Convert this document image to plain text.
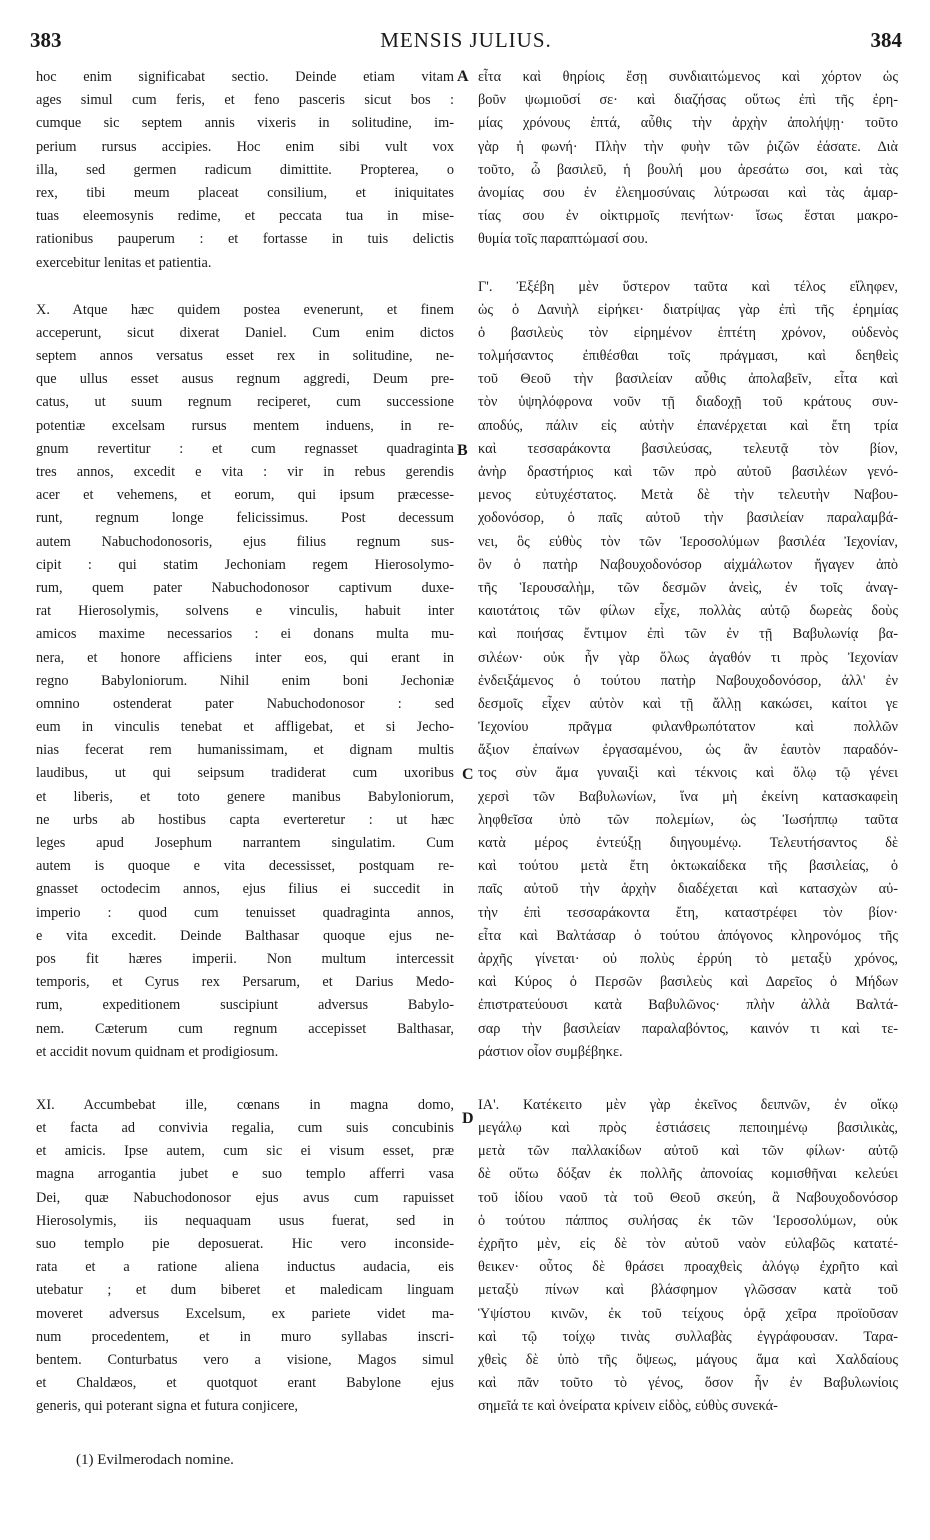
383	MENSIS JULIUS.	384
A
B
C
D
hoc enim significabat sectio. Deinde etiam vitam
ages simul cum feris, et feno pasceris sicut bos :
cumque sic septem annis vixeris in solitudine, im-
perium rursus accipies. Hoc enim sibi vult vox
illa, sed germen radicum dimittite. Propterea, o
rex, tibi meum placeat consilium, et iniquitates
tuas eleemosynis redime, et peccata tua in mise-
rationibus pauperum : et fortasse in tuis delictis
exercebitur lenitas et patientia.
X. Atque hæc quidem postea evenerunt, et finem
acceperunt, sicut dixerat Daniel. Cum enim dictos
septem annos versatus esset rex in solitudine, ne-
que ullus esset ausus regnum aggredi, Deum pre-
catus, ut suum regnum reciperet, cum successione
potentiæ excelsam rursus mentem induens, in re-
gnum revertitur : et cum regnasset quadraginta
tres annos, excedit e vita : vir in rebus gerendis
acer et vehemens, et eorum, qui ipsum præcesse-
runt, regnum longe felicissimus. Post decessum
autem Nabuchodonosoris, ejus filius regnum sus-
cipit : qui statim Jechoniam regem Hierosolymo-
rum, quem pater Nabuchodonosor captivum duxe-
rat Hierosolymis, solvens e vinculis, habuit inter
amicos maxime necessarios : ei donans multa mu-
nera, et honore afficiens inter eos, qui erant in
regno Babyloniorum. Nihil enim boni Jechoniæ
omnino ostenderat pater Nabuchodonosor : sed
eum in vinculis tenebat et affligebat, et si Jecho-
nias fecerat rem humanissimam, et dignam multis
laudibus, ut qui seipsum tradiderat cum uxoribus
et liberis, et toto genere manibus Babyloniorum,
ne urbs ab hostibus capta everteretur : ut hæc
leges apud Josephum narrantem singulatim. Cum
autem is quoque e vita decessisset, postquam re-
gnasset octodecim annos, ejus filius ei succedit in
imperio : quod cum tenuisset quadraginta annos,
e vita excedit. Deinde Balthasar quoque ejus ne-
pos fit hæres imperii. Non multum intercessit
temporis, et Cyrus rex Persarum, et Darius Medo-
rum, expeditionem suscipiunt adversus Babylo-
nem. Cæterum cum regnum accepisset Balthasar,
et accidit novum quidnam et prodigiosum.
XI. Accumbebat ille, cœnans in magna domo,
et facta ad convivia regalia, cum suis concubinis
et amicis. Ipse autem, cum sic ei visum esset, præ
magna arrogantia jubet e suo templo afferri vasa
Dei, quæ Nabuchodonosor ejus avus cum rapuisset
Hierosolymis, iis nequaquam usus fuerat, sed in
suo templo pie deposuerat. Hic vero inconside-
rata et a ratione aliena inductus audacia, eis
utebatur ; et dum biberet et maledicam linguam
moveret adversus Excelsum, ex pariete videt ma-
num procedentem, et in muro syllabas inscri-
bentem. Conturbatus vero a visione, Magos simul
et Chaldæos, et quotquot erant Babylone ejus
generis, qui poterant signa et futura conjicere,
εἶτα καὶ θηρίοις ἔσῃ συνδιαιτώμενος καὶ χόρτον ὡς
βοῦν ψωμιοῦσί σε· καὶ διαζήσας οὕτως ἐπὶ τῆς ἐρη-
μίας χρόνους ἑπτά, αὖθις τὴν ἀρχὴν ἀπολήψῃ· τοῦτο
γὰρ ἡ φωνή· Πλὴν τὴν φυὴν τῶν ῥιζῶν ἐάσατε. Διὰ
τοῦτο, ὦ βασιλεῦ, ἡ βουλή μου ἀρεσάτω σοι, καὶ τὰς
ἀνομίας σου ἐν ἐλεημοσύναις λύτρωσαι καὶ τὰς ἁμαρ-
τίας σου ἐν οἰκτιρμοῖς πενήτων· ἴσως ἔσται μακρο-
θυμία τοῖς παραπτώμασί σου.
Γ'. Ἐξέβη μὲν ὕστερον ταῦτα καὶ τέλος εἴληφεν,
ὡς ὁ Δανιὴλ εἰρήκει· διατρίψας γὰρ ἐπὶ τῆς ἐρημίας
ὁ βασιλεὺς τὸν εἰρημένον ἑπτέτη χρόνον, οὐδενὸς
τολμήσαντος ἐπιθέσθαι τοῖς πράγμασι, καὶ δεηθεὶς
τοῦ Θεοῦ τὴν βασιλείαν αὖθις ἀπολαβεῖν, εἶτα καὶ
τὸν ὑψηλόφρονα νοῦν τῇ διαδοχῇ τοῦ κράτους συν-
αποδύς, πάλιν εἰς αὐτὴν ἐπανέρχεται καὶ ἔτη τρία
καὶ τεσσαράκοντα βασιλεύσας, τελευτᾷ τὸν βίον,
ἀνὴρ δραστήριος καὶ τῶν πρὸ αὐτοῦ βασιλέων γενό-
μενος εὐτυχέστατος. Μετὰ δὲ τὴν τελευτὴν Ναβου-
χοδονόσορ, ὁ παῖς αὐτοῦ τὴν βασιλείαν παραλαμβά-
νει, ὃς εὐθὺς τὸν τῶν Ἱεροσολύμων βασιλέα Ἰεχονίαν,
ὃν ὁ πατὴρ Ναβουχοδονόσορ αἰχμάλωτον ἤγαγεν ἀπὸ
τῆς Ἱερουσαλὴμ, τῶν δεσμῶν ἀνεὶς, ἐν τοῖς ἀναγ-
καιοτάτοις τῶν φίλων εἶχε, πολλὰς αὐτῷ δωρεὰς δοὺς
καὶ ποιήσας ἔντιμον ἐπὶ τῶν ἐν τῇ Βαβυλωνίᾳ βα-
σιλέων· οὐκ ἦν γὰρ ὅλως ἀγαθόν τι πρὸς Ἰεχονίαν
ἐνδειξάμενος ὁ τούτου πατὴρ Ναβουχοδονόσορ, ἀλλ' ἐν
δεσμοῖς εἶχεν αὐτὸν καὶ τῇ ἄλλῃ κακώσει, καίτοι γε
Ἰεχονίου πρᾶγμα φιλανθρωπότατον καὶ πολλῶν
ἄξιον ἐπαίνων ἐργασαμένου, ὡς ἂν ἑαυτὸν παραδόν-
τος σὺν ἅμα γυναιξὶ καὶ τέκνοις καὶ ὅλῳ τῷ γένει
χερσὶ τῶν Βαβυλωνίων, ἵνα μὴ ἐκείνη κατασκαφεὶη
ληφθεῖσα ὑπὸ τῶν πολεμίων, ὡς Ἰωσήππῳ ταῦτα
κατὰ μέρος ἐντεύξῃ διηγουμένῳ. Τελευτήσαντος δὲ
καὶ τούτου μετὰ ἔτη ὀκτωκαίδεκα τῆς βασιλείας, ὁ
παῖς αὐτοῦ τὴν ἀρχὴν διαδέχεται καὶ κατασχὼν αὐ-
τὴν ἐπὶ τεσσαράκοντα ἔτη, καταστρέφει τὸν βίον·
εἶτα καὶ Βαλτάσαρ ὁ τούτου ἀπόγονος κληρονόμος τῆς
ἀρχῆς γίνεται· οὐ πολὺς ἐρρύη τὸ μεταξὺ χρόνος,
καὶ Κύρος ὁ Περσῶν βασιλεὺς καὶ Δαρεῖος ὁ Μήδων
ἐπιστρατεύουσι κατὰ Βαβυλῶνος· πλὴν ἀλλὰ Βαλτά-
σαρ τὴν βασιλείαν παραλαβόντος, καινόν τι καὶ τε-
ράστιον οἷον συμβέβηκε.
ΙΑ'. Κατέκειτο μὲν γὰρ ἐκεῖνος δειπνῶν, ἐν οἴκῳ
μεγάλῳ καὶ πρὸς ἑστιάσεις πεποιημένῳ βασιλικὰς,
μετὰ τῶν παλλακίδων αὐτοῦ καὶ τῶν φίλων· αὐτῷ
δὲ οὕτω δόξαν ἐκ πολλῆς ἀπονοίας κομισθῆναι κελεύει
τοῦ ἰδίου ναοῦ τὰ τοῦ Θεοῦ σκεύη, ἃ Ναβουχοδονόσορ
ὁ τούτου πάππος συλήσας ἐκ τῶν Ἱεροσολύμων, οὐκ
ἐχρῆτο μὲν, εἰς δὲ τὸν αὐτοῦ ναὸν εὐλαβῶς κατατέ-
θεικεν· οὗτος δὲ θράσει προαχθεὶς ἀλόγῳ ἐχρῆτο καὶ
μεταξὺ πίνων καὶ βλάσφημον γλῶσσαν κατὰ τοῦ
Ὑψίστου κινῶν, ἐκ τοῦ τείχους ὁρᾷ χεῖρα προϊοῦσαν
καὶ τῷ τοίχῳ τινὰς συλλαβὰς ἐγγράφουσαν. Ταρα-
χθεὶς δὲ ὑπὸ τῆς ὄψεως, μάγους ἅμα καὶ Χαλδαίους
καὶ πᾶν τοῦτο τὸ γένος, ὅσον ἦν ἐν Βαβυλωνίοις
σημεῖά τε καὶ ὀνείρατα κρίνειν εἰδὸς, εὐθὺς συνεκά-
(1) Evilmerodach nomine.
